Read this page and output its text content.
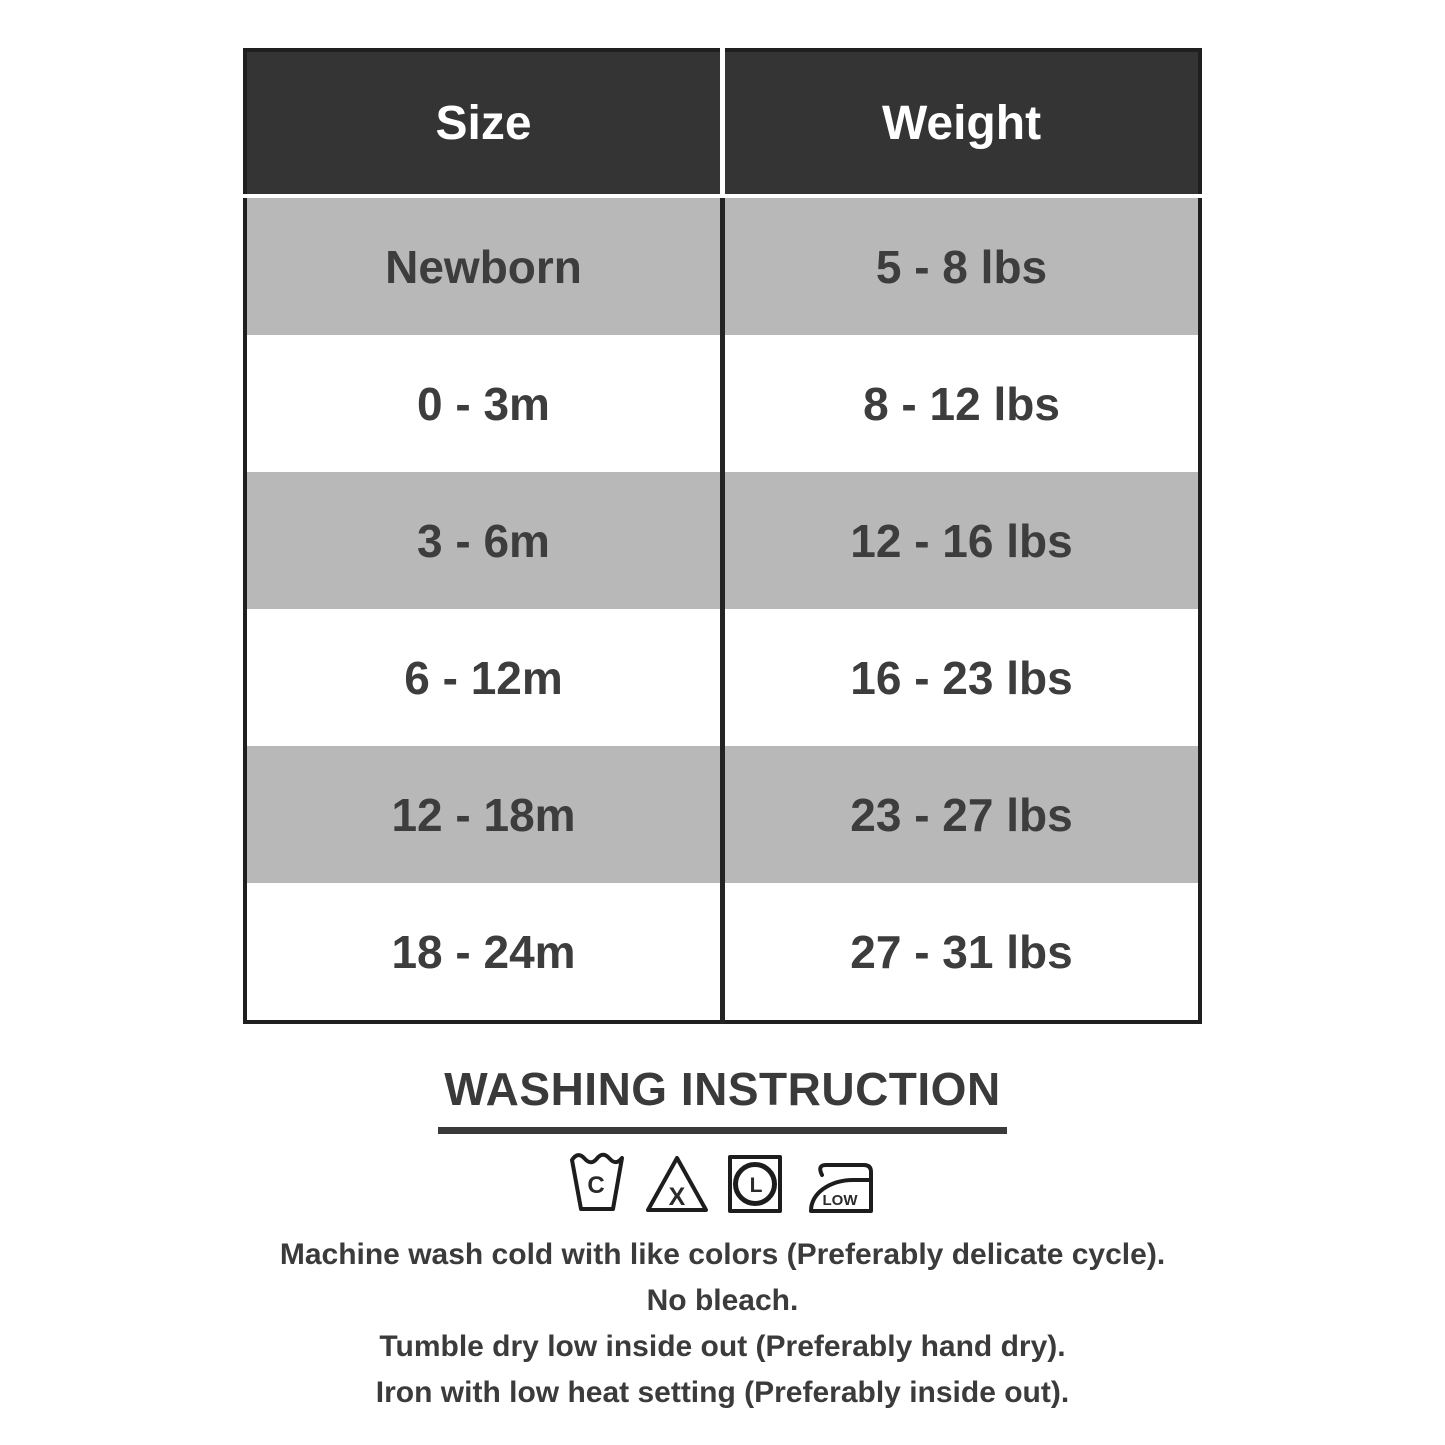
Size	Weight
Newborn	5 - 8 lbs
0 - 3m	8 - 12 lbs
3 - 6m	12 - 16 lbs
6 - 12m	16 - 23 lbs
12 - 18m	23 - 27 lbs
18 - 24m	27 - 31 lbs
WASHING INSTRUCTION
C	X	L
LOW

Machine wash cold with like colors (Preferably delicate cycle).

No bleach.

Tumble dry low inside out (Preferably hand dry).

Iron with low heat setting (Preferably inside out).
